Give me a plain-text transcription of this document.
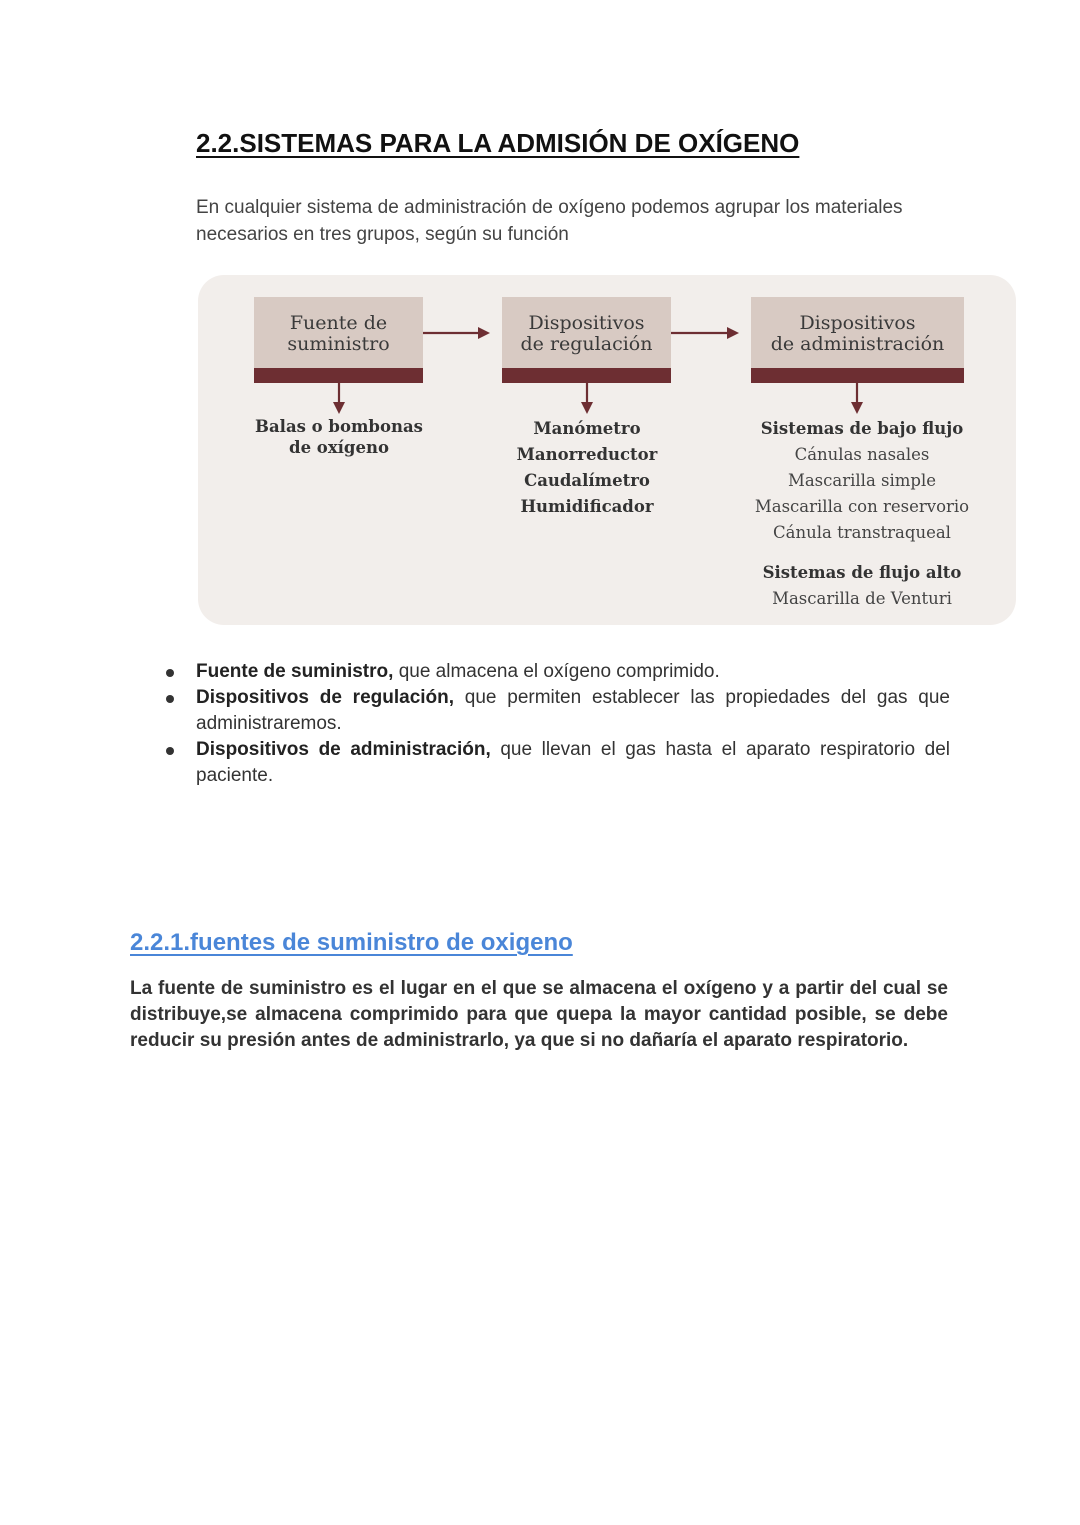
2.2.SISTEMAS PARA LA ADMISIÓN DE OXÍGENO
En cualquier sistema de administración de oxígeno podemos agrupar los materiales necesarios en tres grupos, según su función
Fuente de
suministro
Dispositivos
de regulación
Dispositivos
de administración
Balas o bombonas
de oxígeno
Manómetro
Manorreductor
Caudalímetro
Humidificador
Sistemas de bajo flujo
Cánulas nasales
Mascarilla simple
Mascarilla con reservorio
Cánula transtraqueal
Sistemas de flujo alto
Mascarilla de Venturi
Fuente de suministro, que almacena el oxígeno comprimido.
Dispositivos de regulación, que permiten establecer las propiedades del gas que administraremos.
Dispositivos de administración, que llevan el gas hasta el aparato respiratorio del paciente.
2.2.1.fuentes de suministro de oxigeno
La fuente de suministro es el lugar en el que se almacena el oxígeno y a partir del cual se distribuye,se almacena comprimido para que quepa la mayor cantidad posible, se debe reducir su presión antes de administrarlo, ya que si no dañaría el aparato respiratorio.
